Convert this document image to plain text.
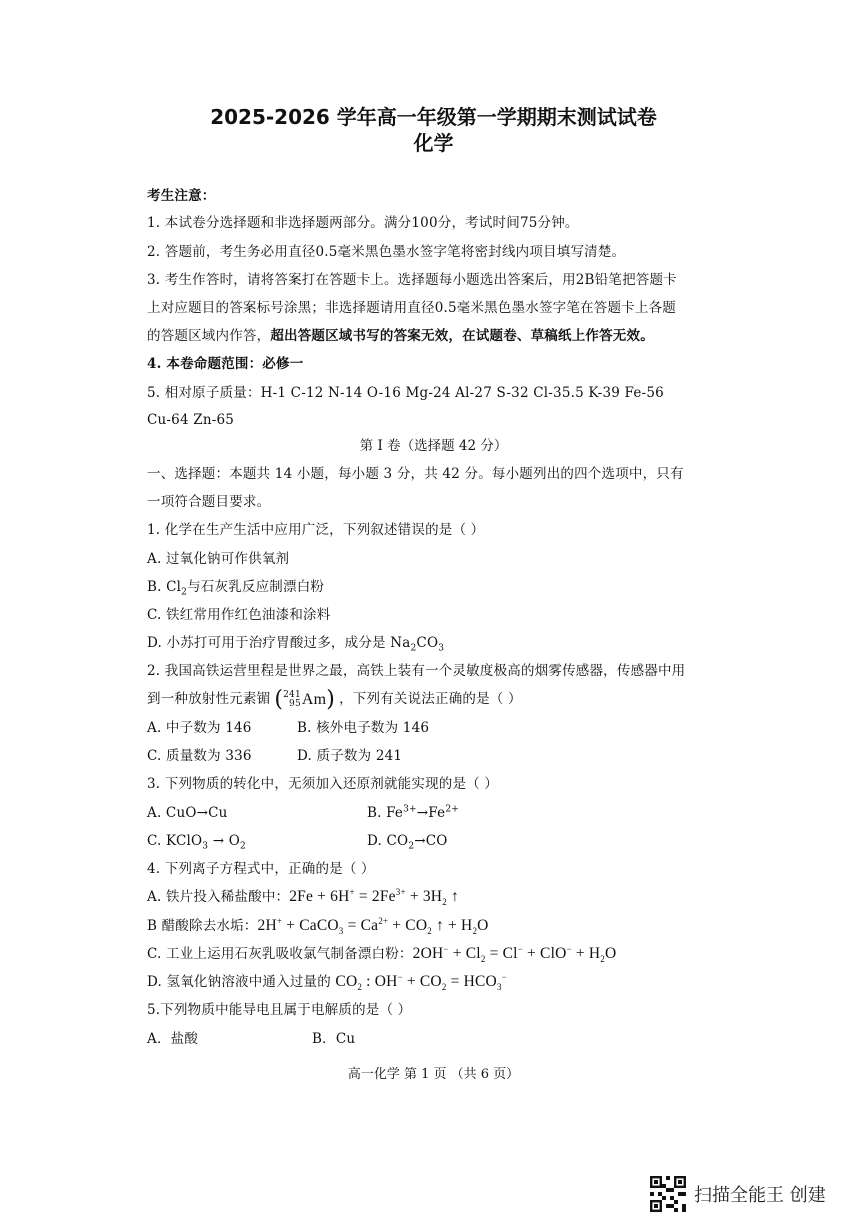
2025-2026 学年高一年级第一学期期末测试试卷
化学
考生注意：
1. 本试卷分选择题和非选择题两部分。满分100分，考试时间75分钟。
2. 答题前，考生务必用直径0.5毫米黑色墨水签字笔将密封线内项目填写清楚。
3. 考生作答时，请将答案打在答题卡上。选择题每小题选出答案后，用2B铅笔把答题卡
上对应题目的答案标号涂黑；非选择题请用直径0.5毫米黑色墨水签字笔在答题卡上各题
的答题区域内作答，超出答题区域书写的答案无效，在试题卷、草稿纸上作答无效。
4. 本卷命题范围：必修一
5. 相对原子质量：H-1 C-12 N-14 O-16 Mg-24 Al-27 S-32 Cl-35.5 K-39 Fe-56
Cu-64 Zn-65
第 I 卷（选择题 42 分）
一、选择题：本题共 14 小题，每小题 3 分，共 42 分。每小题列出的四个选项中，只有
一项符合题目要求。
1. 化学在生产生活中应用广泛，下列叙述错误的是（ ）
A. 过氧化钠可作供氧剂
B. $Cl_2$与石灰乳反应制漂白粉
C. 铁红常用作红色油漆和涂料
D. 小苏打可用于治疗胃酸过多，成分是 $Na_2CO_3$
2. 我国高铁运营里程是世界之最，高铁上装有一个灵敏度极高的烟雾传感器，传感器中用
到一种放射性元素镅 ( 241
95 Am ) ，下列有关说法正确的是（ ）
A. 中子数为 146	B. 核外电子数为 146
C. 质量数为 336	D. 质子数为 241
3. 下列物质的转化中，无须加入还原剂就能实现的是（ ）
A. CuO→Cu	B. $Fe^{3+}\to Fe^{2+}$
C. KClO$_3$ → $O_2$	D. $CO_2\to CO$
4. 下列离子方程式中，正确的是（ ）
A. 铁片投入稀盐酸中：$2Fe + 6H^+ = 2Fe^{3+} + 3H_2$ ↑
B 醋酸除去水垢：2H+ + CaCO$_3$ = $Ca^{2+} + CO_2$ ↑ + $H_2O$
C. 工业上运用石灰乳吸收氯气制备漂白粉：$2OH^- + Cl_2 = Cl^- + ClO^- + H_2O$
D. 氢氧化钠溶液中通入过量的 $CO_2$ : $OH^- + CO_2 = HCO_3^-$
5.下列物质中能导电且属于电解质的是（ ）
A．盐酸	B．Cu
高一化学 第 1 页 （共 6 页）
扫描全能王 创建
